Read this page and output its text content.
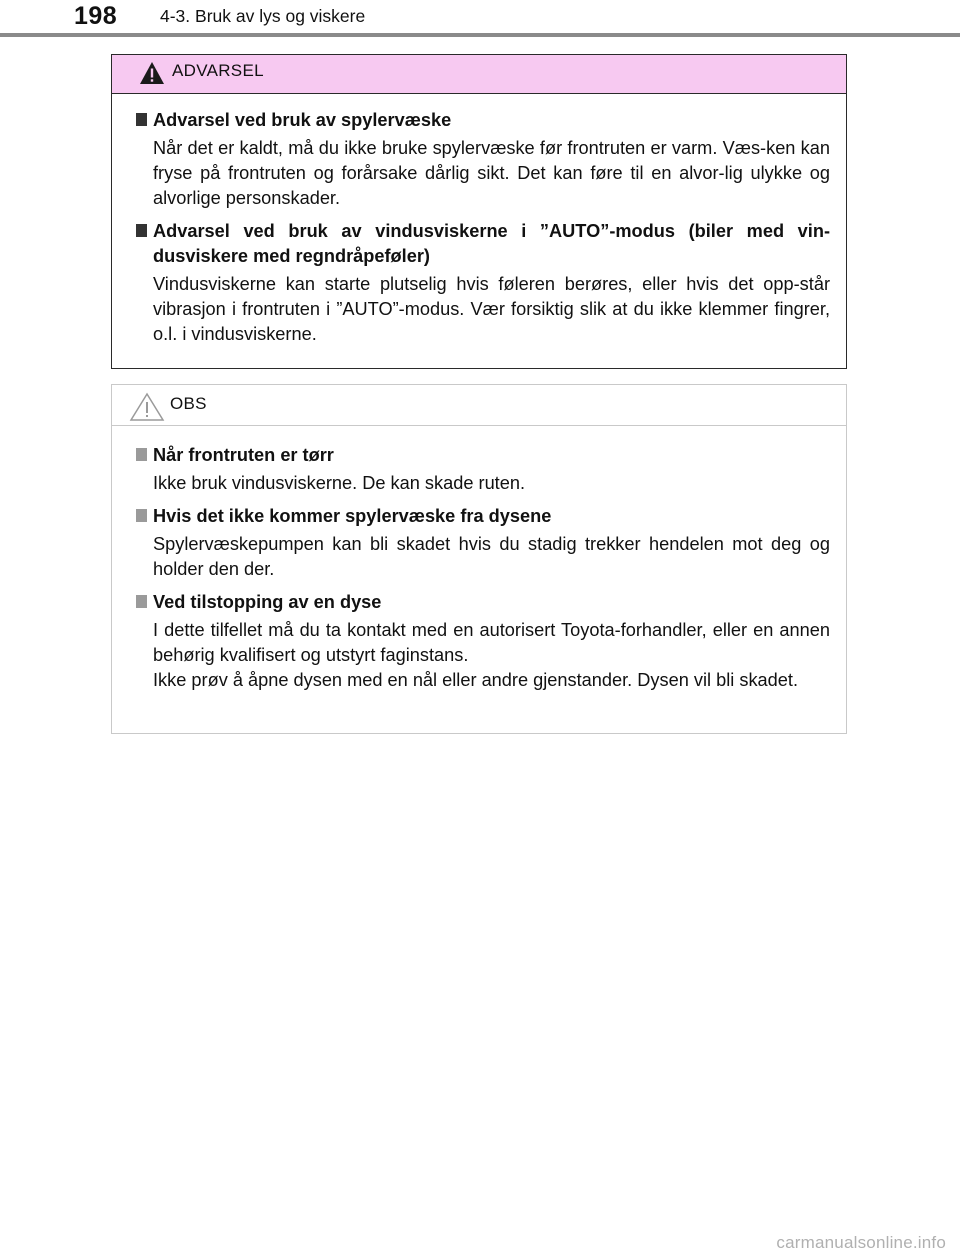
198 4-3. Bruk av lys og viskere
ADVARSEL
Advarsel ved bruk av spylervæske

Når det er kaldt, må du ikke bruke spylervæske før frontruten er varm. Væs-ken kan fryse på frontruten og forårsake dårlig sikt. Det kan føre til en alvor-lig ulykke og alvorlige personskader.

Advarsel ved bruk av vindusviskerne i ”AUTO”-modus (biler med vin-dusviskere med regndråpeføler)

Vindusviskerne kan starte plutselig hvis føleren berøres, eller hvis det opp-står vibrasjon i frontruten i ”AUTO”-modus. Vær forsiktig slik at du ikke klemmer fingrer, o.l. i vindusviskerne.

OBS
Når frontruten er tørr

Ikke bruk vindusviskerne. De kan skade ruten.

Hvis det ikke kommer spylervæske fra dysene

Spylervæskepumpen kan bli skadet hvis du stadig trekker hendelen mot deg og holder den der.

Ved tilstopping av en dyse

I dette tilfellet må du ta kontakt med en autorisert Toyota-forhandler, eller en annen behørig kvalifisert og utstyrt faginstans.

Ikke prøv å åpne dysen med en nål eller andre gjenstander. Dysen vil bli skadet.

carmanualsonline.info
